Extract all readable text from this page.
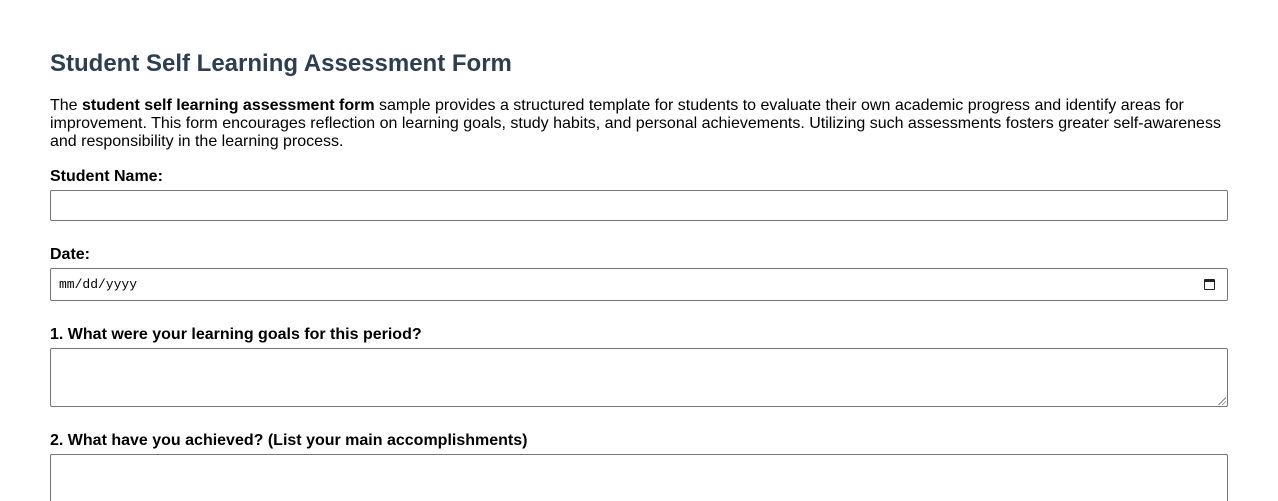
Student Self Learning Assessment Form

The student self learning assessment form sample provides a structured template for students to evaluate their own academic progress and identify areas for improvement. This form encourages reflection on learning goals, study habits, and personal achievements. Utilizing such assessments fosters greater self-awareness and responsibility in the learning process.

Student Name:
Date:
mm/dd/yyyy
1. What were your learning goals for this period?
2. What have you achieved? (List your main accomplishments)
